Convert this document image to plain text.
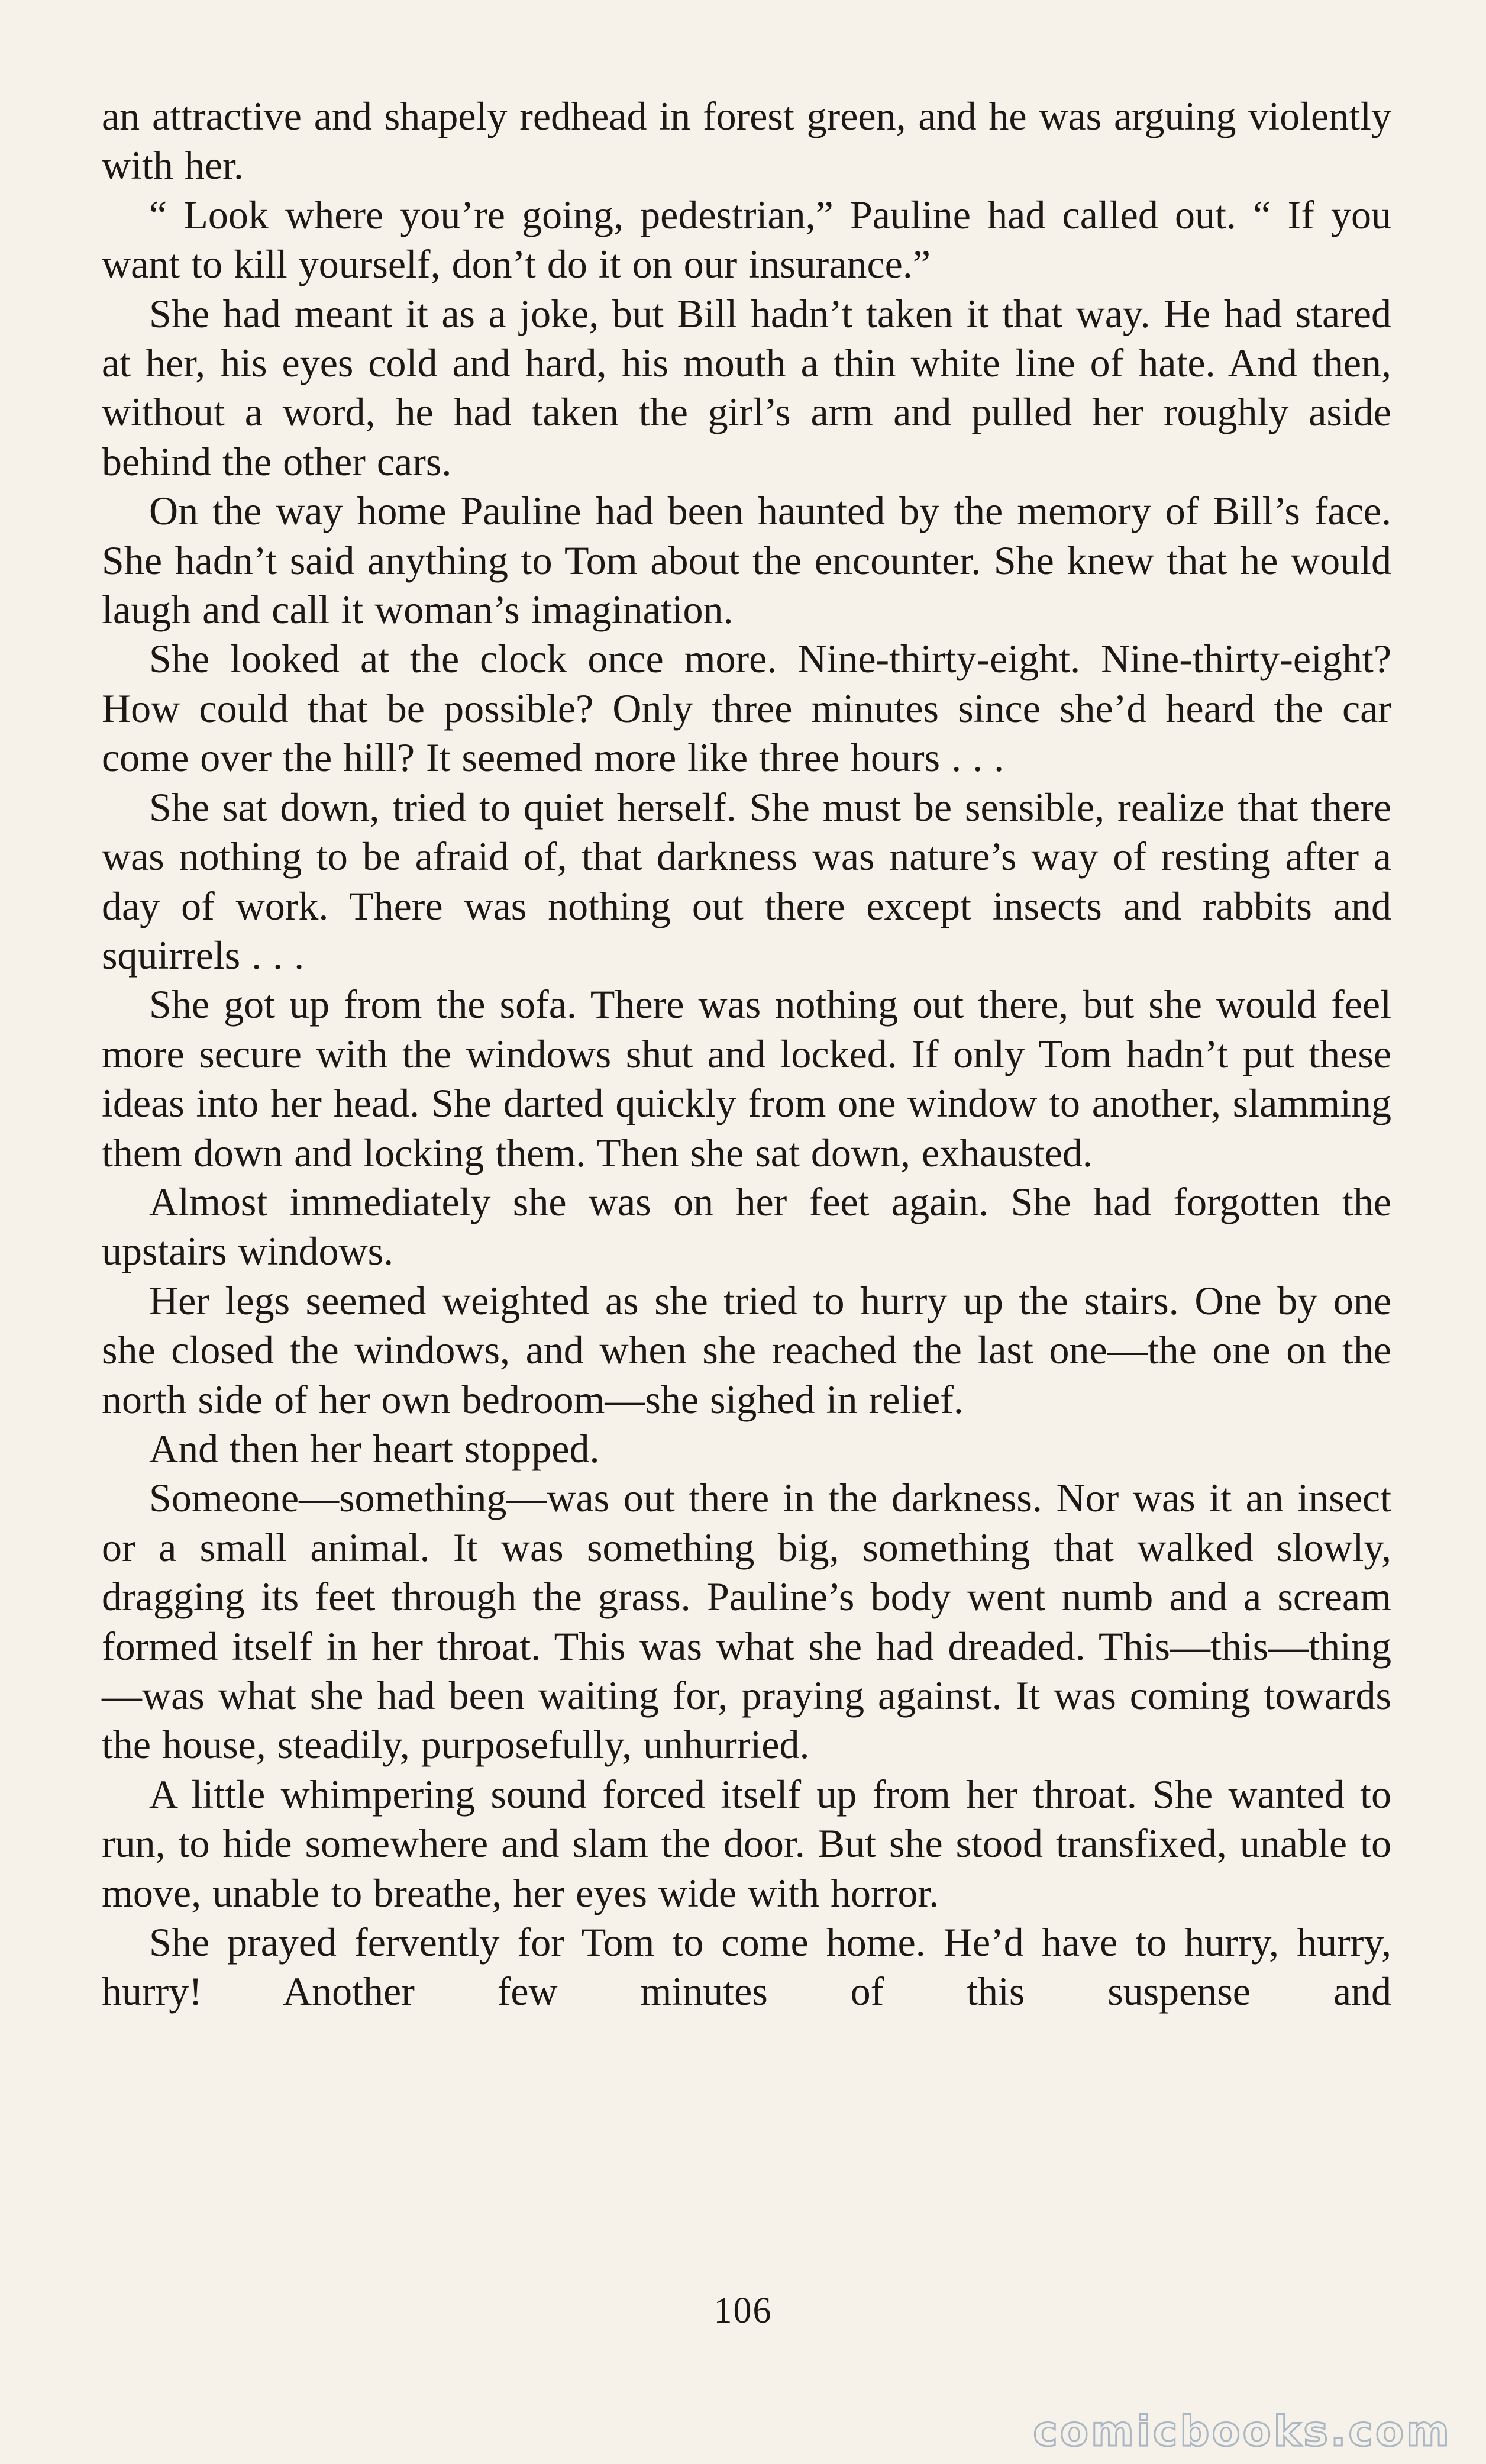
an attractive and shapely redhead in forest green, and he was arguing violently with her.

“ Look where you’re going, pedestrian,” Pauline had called out. “ If you want to kill yourself, don’t do it on our insurance.”

She had meant it as a joke, but Bill hadn’t taken it that way. He had stared at her, his eyes cold and hard, his mouth a thin white line of hate. And then, without a word, he had taken the girl’s arm and pulled her roughly aside behind the other cars.

On the way home Pauline had been haunted by the memory of Bill’s face. She hadn’t said anything to Tom about the encounter. She knew that he would laugh and call it woman’s imagination.

She looked at the clock once more. Nine-thirty-eight. Nine-thirty-eight? How could that be possible? Only three minutes since she’d heard the car come over the hill? It seemed more like three hours . . .

She sat down, tried to quiet herself. She must be sensible, realize that there was nothing to be afraid of, that darkness was nature’s way of resting after a day of work. There was nothing out there except insects and rabbits and squirrels . . .

She got up from the sofa. There was nothing out there, but she would feel more secure with the windows shut and locked. If only Tom hadn’t put these ideas into her head. She darted quickly from one window to another, slamming them down and locking them. Then she sat down, exhausted.

Almost immediately she was on her feet again. She had forgotten the upstairs windows.

Her legs seemed weighted as she tried to hurry up the stairs. One by one she closed the windows, and when she reached the last one—the one on the north side of her own bedroom—she sighed in relief.

And then her heart stopped.

Someone—something—was out there in the darkness. Nor was it an insect or a small animal. It was something big, something that walked slowly, dragging its feet through the grass. Pauline’s body went numb and a scream formed itself in her throat. This was what she had dreaded. This—this—thing—was what she had been waiting for, praying against. It was coming towards the house, steadily, purposefully, unhurried.

A little whimpering sound forced itself up from her throat. She wanted to run, to hide somewhere and slam the door. But she stood transfixed, unable to move, unable to breathe, her eyes wide with horror.

She prayed fervently for Tom to come home. He’d have to hurry, hurry, hurry! Another few minutes of this suspense and

106
comicbooks.com
